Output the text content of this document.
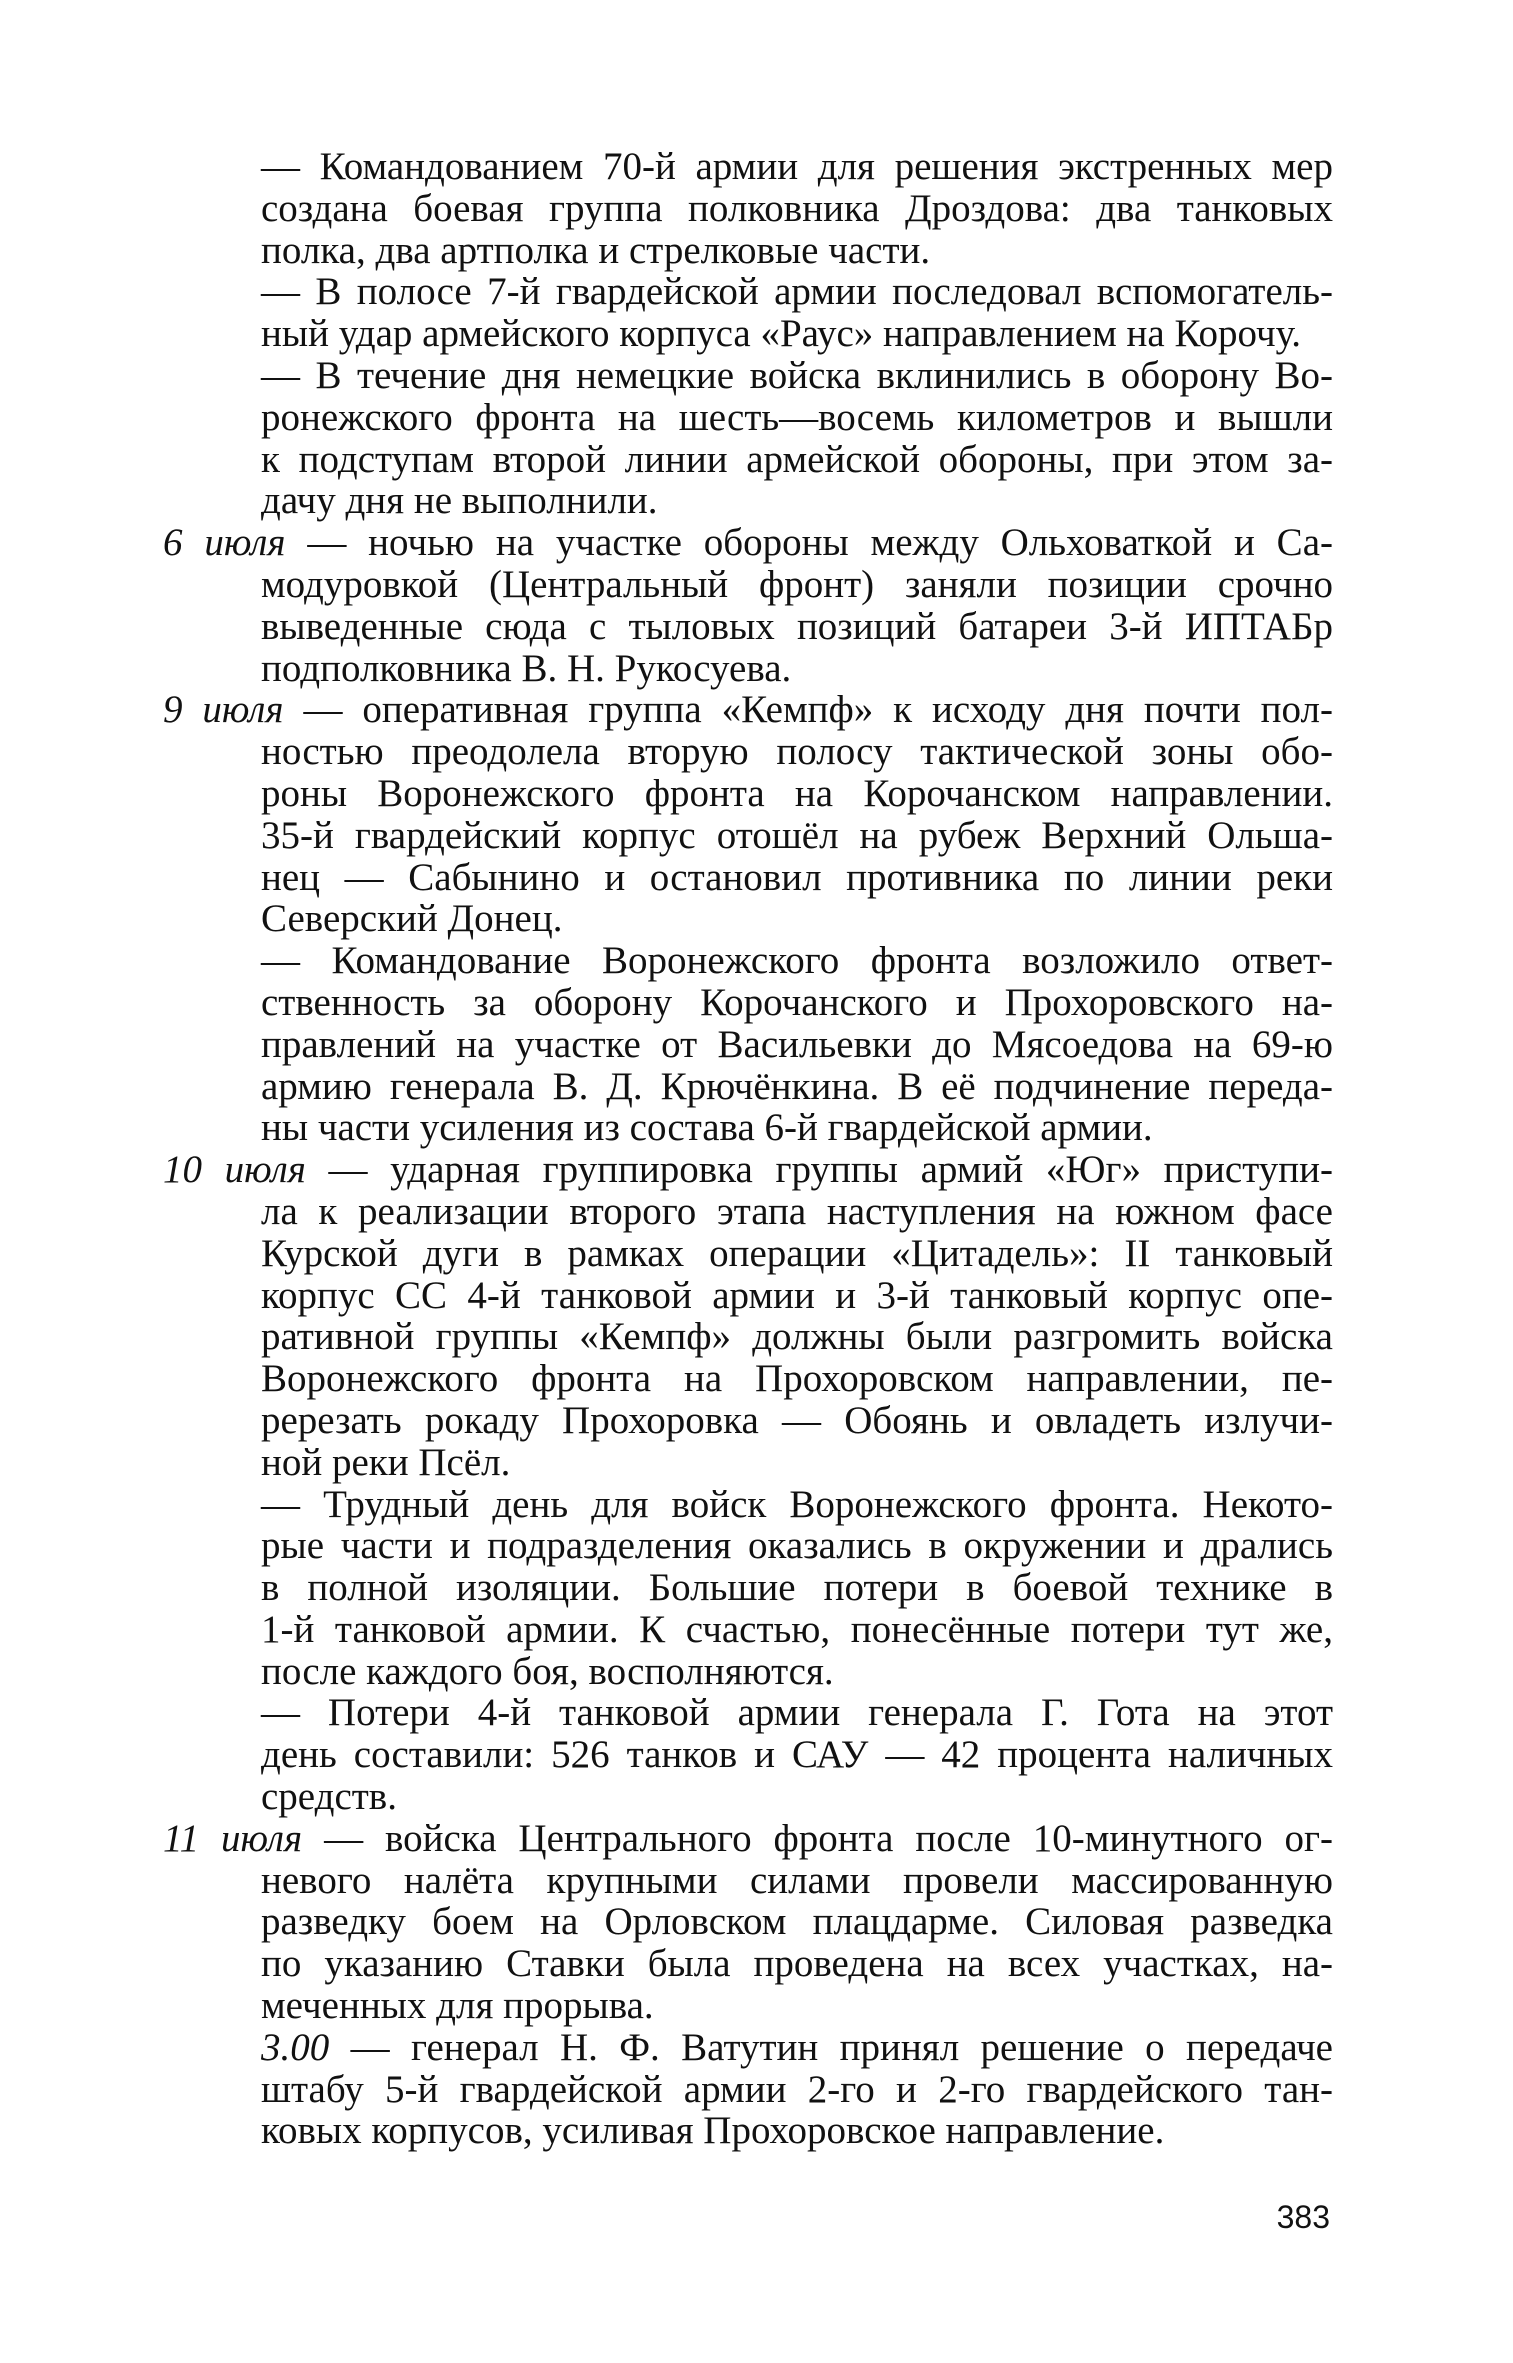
— Командованием 70-й армии для решения экстренных мер
создана боевая группа полковника Дроздова: два танковых
полка, два артполка и стрелковые части.
— В полосе 7-й гвардейской армии последовал вспомогатель-
ный удар армейского корпуса «Раус» направлением на Корочу.
— В течение дня немецкие войска вклинились в оборону Во-
ронежского фронта на шесть—восемь километров и вышли
к подступам второй линии армейской обороны, при этом за-
дачу дня не выполнили.
6 июля — ночью на участке обороны между Ольховаткой и Са-
модуровкой (Центральный фронт) заняли позиции срочно
выведенные сюда с тыловых позиций батареи 3-й ИПТАБр
подполковника В. Н. Рукосуева.
9 июля — оперативная группа «Кемпф» к исходу дня почти пол-
ностью преодолела вторую полосу тактической зоны обо-
роны Воронежского фронта на Корочанском направлении.
35-й гвардейский корпус отошёл на рубеж Верхний Ольша-
нец — Сабынино и остановил противника по линии реки
Северский Донец.
— Командование Воронежского фронта возложило ответ-
ственность за оборону Корочанского и Прохоровского на-
правлений на участке от Васильевки до Мясоедова на 69-ю
армию генерала В. Д. Крючёнкина. В её подчинение переда-
ны части усиления из состава 6-й гвардейской армии.
10 июля — ударная группировка группы армий «Юг» приступи-
ла к реализации второго этапа наступления на южном фасе
Курской дуги в рамках операции «Цитадель»: II танковый
корпус СС 4-й танковой армии и 3-й танковый корпус опе-
ративной группы «Кемпф» должны были разгромить войска
Воронежского фронта на Прохоровском направлении, пе-
ререзать рокаду Прохоровка — Обоянь и овладеть излучи-
ной реки Псёл.
— Трудный день для войск Воронежского фронта. Некото-
рые части и подразделения оказались в окружении и дрались
в полной изоляции. Большие потери в боевой технике в
1-й танковой армии. К счастью, понесённые потери тут же,
после каждого боя, восполняются.
— Потери 4-й танковой армии генерала Г. Гота на этот
день составили: 526 танков и САУ — 42 процента наличных
средств.
11 июля — войска Центрального фронта после 10-минутного ог-
невого налёта крупными силами провели массированную
разведку боем на Орловском плацдарме. Силовая разведка
по указанию Ставки была проведена на всех участках, на-
меченных для прорыва.
3.00 — генерал Н. Ф. Ватутин принял решение о передаче
штабу 5-й гвардейской армии 2-го и 2-го гвардейского тан-
ковых корпусов, усиливая Прохоровское направление.
383
